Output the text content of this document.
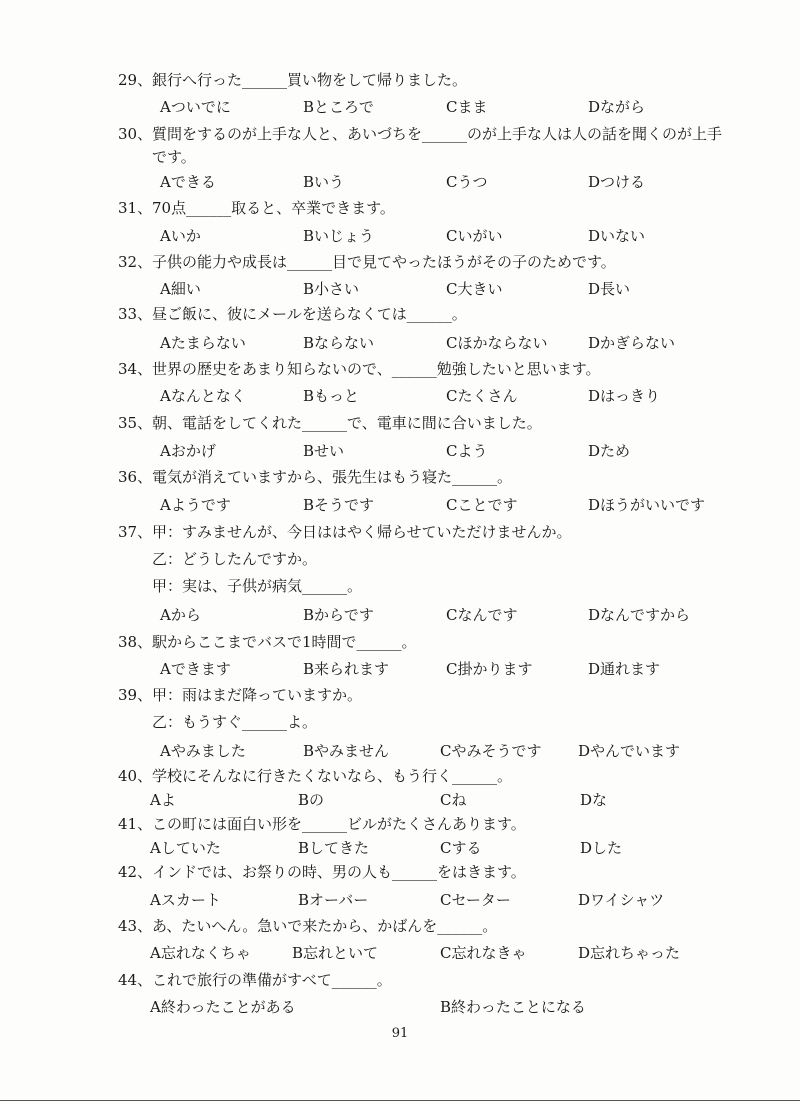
29、 銀行へ行った______買い物をして帰りました。
Aついでに	Bところで	Cまま	Dながら
30、 質問をするのが上手な人と、あいづちを______のが上手な人は人の話を聞くのが上手
です。
Aできる	Bいう	Cうつ	Dつける
31、 70点______取ると、卒業できます。
Aいか	Bいじょう	Cいがい	Dいない
32、 子供の能力や成長は______目で見てやったほうがその子のためです。
A細い	B小さい	C大きい	D長い
33、 昼ご飯に、彼にメールを送らなくては______。
Aたまらない	Bならない	Cほかならない	Dかぎらない
34、 世界の歴史をあまり知らないので、______勉強したいと思います。
Aなんとなく	Bもっと	Cたくさん	Dはっきり
35、 朝、電話をしてくれた______で、電車に間に合いました。
Aおかげ	Bせい	Cよう	Dため
36、 電気が消えていますから、張先生はもう寝た______。
Aようです	Bそうです	Cことです	Dほうがいいです
37、 甲：すみませんが、今日ははやく帰らせていただけませんか。
乙：どうしたんですか。
甲：実は、子供が病気______。
Aから	Bからです	Cなんです	Dなんですから
38、 駅からここまでバスで1時間で______。
Aできます	B来られます	C掛かります	D通れます
39、 甲：雨はまだ降っていますか。
乙：もうすぐ______よ。
Aやみました	Bやみません	Cやみそうです Dやんでいます
40、 学校にそんなに行きたくないなら、もう行く______。
Aよ	Bの	Cね	Dな
41、 この町には面白い形を______ビルがたくさんあります。
Aしていた	Bしてきた	Cする	Dした
42、 インドでは、お祭りの時、男の人も______をはきます。
Aスカート	Bオーバー	Cセーター	Dワイシャツ
43、 あ、たいへん。急いで来たから、かばんを______。
A忘れなくちゃ	B忘れといて	C忘れなきゃ	D忘れちゃった
44、 これで旅行の準備がすべて______。
A終わったことがある	B終わったことになる
91
